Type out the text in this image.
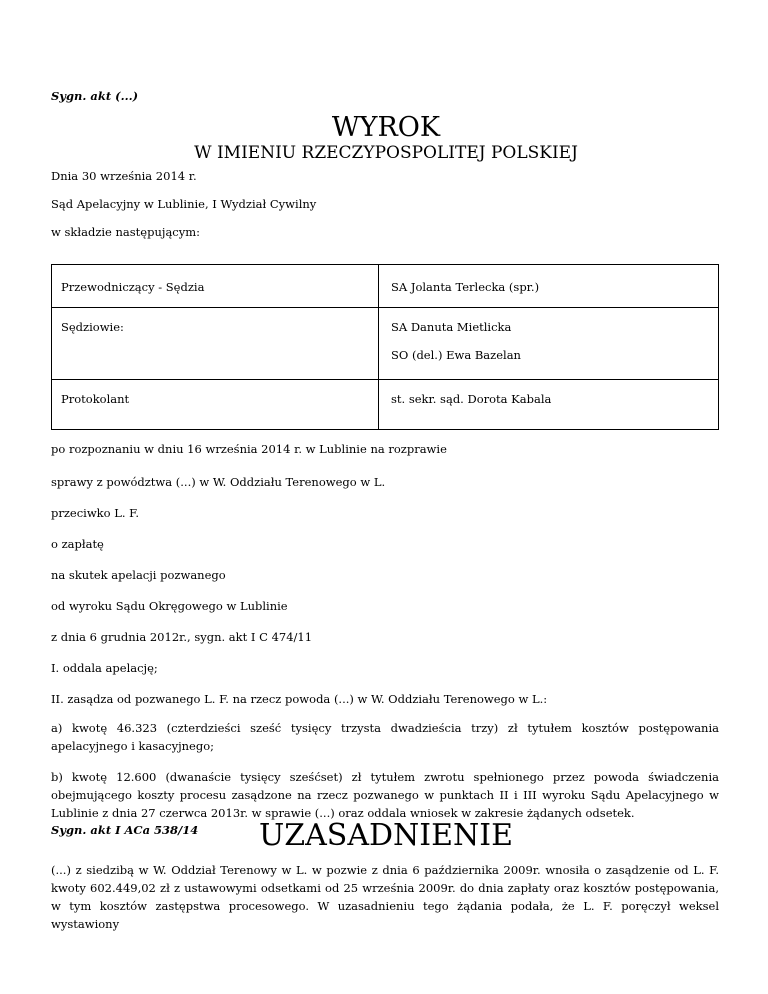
Sygn. akt (...)
WYROK
W IMIENIU RZECZYPOSPOLITEJ POLSKIEJ
Dnia 30 września 2014 r.
Sąd Apelacyjny w Lublinie, I Wydział Cywilny
w składzie następującym:
Przewodniczący - Sędzia	SA Jolanta Terlecka (spr.)
Sędziowie:	SA Danuta Mietlicka
SO (del.) Ewa Bazelan
Protokolant	st. sekr. sąd. Dorota Kabala
po rozpoznaniu w dniu 16 września 2014 r. w Lublinie na rozprawie
sprawy z powództwa (...) w W. Oddziału Terenowego w L.
przeciwko L. F.
o zapłatę
na skutek apelacji pozwanego
od wyroku Sądu Okręgowego w Lublinie
z dnia 6 grudnia 2012r., sygn. akt I C 474/11
I. oddala apelację;
II. zasądza od pozwanego L. F. na rzecz powoda (...) w W. Oddziału Terenowego w L.:
a) kwotę 46.323 (czterdzieści sześć tysięcy trzysta dwadzieścia trzy) zł tytułem kosztów postępowania apelacyjnego i kasacyjnego;
b) kwotę 12.600 (dwanaście tysięcy sześćset) zł tytułem zwrotu spełnionego przez powoda świadczenia obejmującego koszty procesu zasądzone na rzecz pozwanego w punktach II i III wyroku Sądu Apelacyjnego w Lublinie z dnia 27 czerwca 2013r. w sprawie (...) oraz oddala wniosek w zakresie żądanych odsetek.
Sygn. akt I ACa 538/14	UZASADNIENIE
(...) z siedzibą w W. Oddział Terenowy w L. w pozwie z dnia 6 października 2009r. wnosiła o zasądzenie od L. F. kwoty 602.449,02 zł z ustawowymi odsetkami od 25 września 2009r. do dnia zapłaty oraz kosztów postępowania, w tym kosztów zastępstwa procesowego. W uzasadnieniu tego żądania podała, że L. F. poręczył weksel wystawiony
